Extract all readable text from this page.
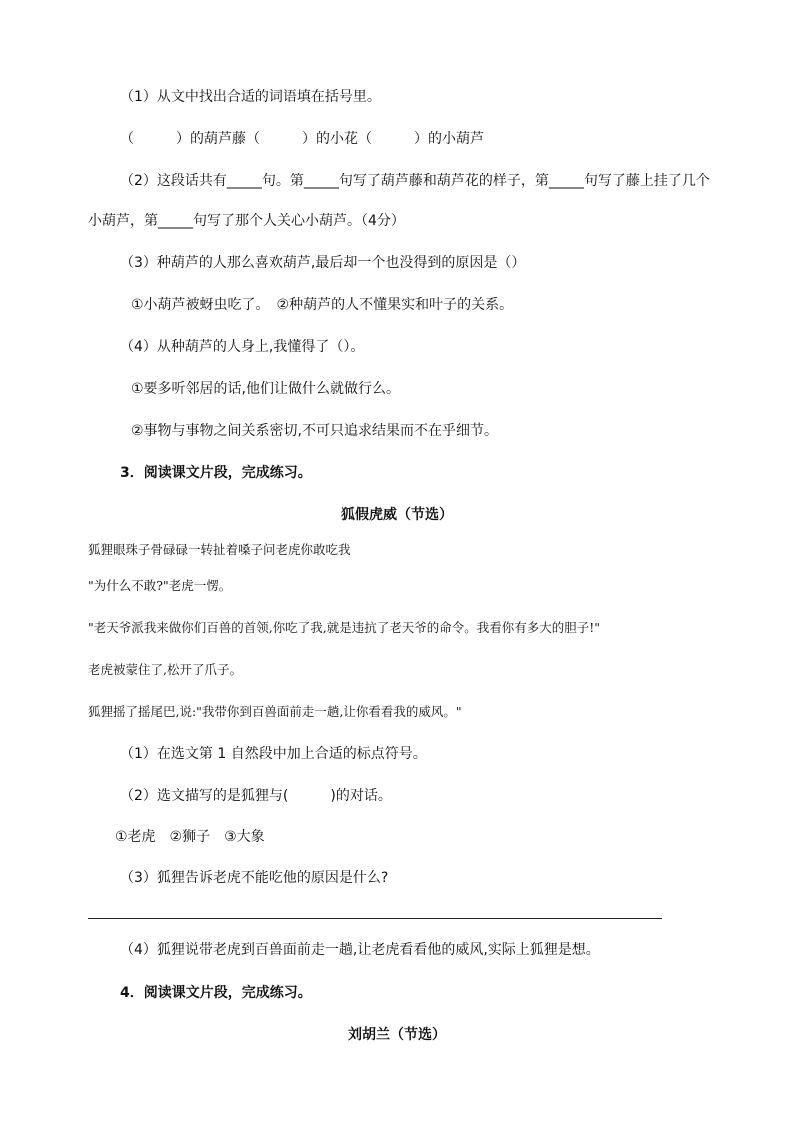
（1）从文中找出合适的词语填在括号里。
（　　　）的葫芦藤（　　　）的小花（　　　）的小葫芦
（2）这段话共有_____句。第_____句写了葫芦藤和葫芦花的样子，第_____句写了藤上挂了几个
小葫芦，第_____句写了那个人关心小葫芦。（4分）
（3）种葫芦的人那么喜欢葫芦,最后却一个也没得到的原因是（）
①小葫芦被蚜虫吃了。　②种葫芦的人不懂果实和叶子的关系。
（4）从种葫芦的人身上,我懂得了（）。
①要多听邻居的话,他们让做什么就做行么。
②事物与事物之间关系密切,不可只追求结果而不在乎细节。
3．阅读课文片段，完成练习。
狐假虎威（节选）
狐狸眼珠子骨碌碌一转扯着嗓子问老虎你敢吃我
"为什么不敢?"老虎一愣。
"老天爷派我来做你们百兽的首领,你吃了我,就是违抗了老天爷的命令。我看你有多大的胆子!"
老虎被蒙住了,松开了爪子。
狐狸摇了摇尾巴,说:"我带你到百兽面前走一趟,让你看看我的威风。"
（1）在选文第 1 自然段中加上合适的标点符号。
（2）选文描写的是狐狸与(　　　)的对话。
①老虎　②狮子　③大象
（3）狐狸告诉老虎不能吃他的原因是什么?
（4）狐狸说带老虎到百兽面前走一趟,让老虎看看他的威风,实际上狐狸是想。
4．阅读课文片段，完成练习。
刘胡兰（节选）
